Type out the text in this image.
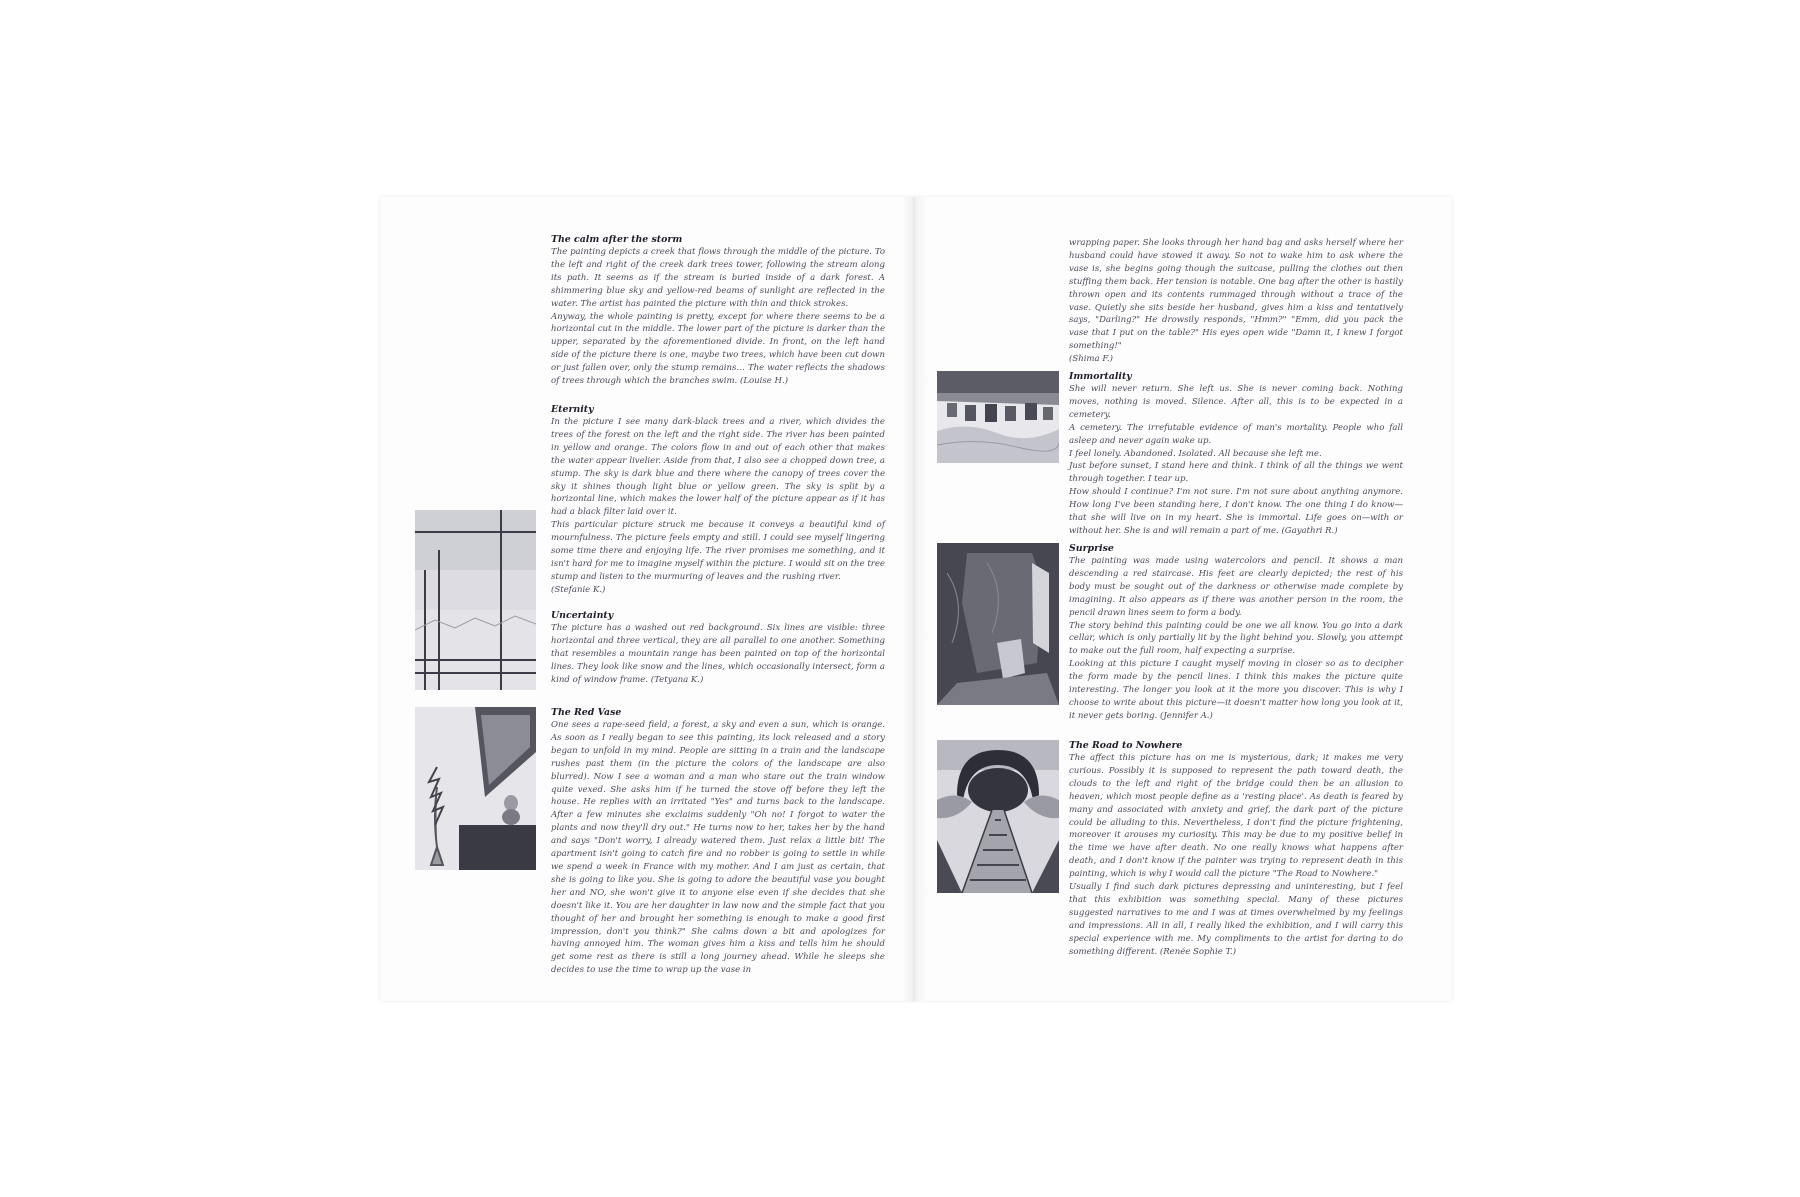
The calm after the storm

The painting depicts a creek that flows through the middle of the picture. To the left and right of the creek dark trees tower, following the stream along its path. It seems as if the stream is buried inside of a dark forest. A shimmering blue sky and yellow-red beams of sunlight are reflected in the water. The artist has painted the picture with thin and thick strokes.
Anyway, the whole painting is pretty, except for where there seems to be a horizontal cut in the middle. The lower part of the picture is darker than the upper, separated by the aforementioned divide. In front, on the left hand side of the picture there is one, maybe two trees, which have been cut down or just fallen over, only the stump remains… The water reflects the shadows of trees through which the branches swim. (Louise H.)

Eternity

In the picture I see many dark-black trees and a river, which divides the trees of the forest on the left and the right side. The river has been painted in yellow and orange. The colors flow in and out of each other that makes the water appear livelier. Aside from that, I also see a chopped down tree, a stump. The sky is dark blue and there where the canopy of trees cover the sky it shines though light blue or yellow green. The sky is split by a horizontal line, which makes the lower half of the picture appear as if it has had a black filter laid over it.
This particular picture struck me because it conveys a beautiful kind of mournfulness. The picture feels empty and still. I could see myself lingering some time there and enjoying life. The river promises me something, and it isn't hard for me to imagine myself within the picture. I would sit on the tree stump and listen to the murmuring of leaves and the rushing river.
(Stefanie K.)

Uncertainty

The picture has a washed out red background. Six lines are visible: three horizontal and three vertical, they are all parallel to one another. Something that resembles a mountain range has been painted on top of the horizontal lines. They look like snow and the lines, which occasionally intersect, form a kind of window frame. (Tetyana K.)

The Red Vase

One sees a rape-seed field, a forest, a sky and even a sun, which is orange. As soon as I really began to see this painting, its lock released and a story began to unfold in my mind. People are sitting in a train and the landscape rushes past them (in the picture the colors of the landscape are also blurred). Now I see a woman and a man who stare out the train window quite vexed. She asks him if he turned the stove off before they left the house. He replies with an irritated "Yes" and turns back to the landscape. After a few minutes she exclaims suddenly "Oh no! I forgot to water the plants and now they'll dry out." He turns now to her, takes her by the hand and says "Don't worry, I already watered them. Just relax a little bit! The apartment isn't going to catch fire and no robber is going to settle in while we spend a week in France with my mother. And I am just as certain, that she is going to like you. She is going to adore the beautiful vase you bought her and NO, she won't give it to anyone else even if she decides that she doesn't like it. You are her daughter in law now and the simple fact that you thought of her and brought her something is enough to make a good first impression, don't you think?" She calms down a bit and apologizes for having annoyed him. The woman gives him a kiss and tells him he should get some rest as there is still a long journey ahead. While he sleeps she decides to use the time to wrap up the vase in

wrapping paper. She looks through her hand bag and asks herself where her husband could have stowed it away. So not to wake him to ask where the vase is, she begins going though the suitcase, pulling the clothes out then stuffing them back. Her tension is notable. One bag after the other is hastily thrown open and its contents rummaged through without a trace of the vase. Quietly she sits beside her husband, gives him a kiss and tentatively says, "Darling?" He drowsily responds, "Hmm?" "Emm, did you pack the vase that I put on the table?" His eyes open wide "Damn it, I knew I forgot something!"
(Shima F.)

Immortality

She will never return. She left us. She is never coming back. Nothing moves, nothing is moved. Silence. After all, this is to be expected in a cemetery.
A cemetery. The irrefutable evidence of man's mortality. People who fall asleep and never again wake up.
I feel lonely. Abandoned. Isolated. All because she left me.
Just before sunset, I stand here and think. I think of all the things we went through together. I tear up.
How should I continue? I'm not sure. I'm not sure about anything anymore. How long I've been standing here, I don't know. The one thing I do know— that she will live on in my heart. She is immortal. Life goes on—with or without her. She is and will remain a part of me. (Gayathri R.)

Surprise

The painting was made using watercolors and pencil. It shows a man descending a red staircase. His feet are clearly depicted; the rest of his body must be sought out of the darkness or otherwise made complete by imagining. It also appears as if there was another person in the room, the pencil drawn lines seem to form a body.
The story behind this painting could be one we all know. You go into a dark cellar, which is only partially lit by the light behind you. Slowly, you attempt to make out the full room, half expecting a surprise.
Looking at this picture I caught myself moving in closer so as to decipher the form made by the pencil lines. I think this makes the picture quite interesting. The longer you look at it the more you discover. This is why I choose to write about this picture—it doesn't matter how long you look at it, it never gets boring. (Jennifer A.)

The Road to Nowhere

The affect this picture has on me is mysterious, dark; it makes me very curious. Possibly it is supposed to represent the path toward death, the clouds to the left and right of the bridge could then be an allusion to heaven, which most people define as a 'resting place'. As death is feared by many and associated with anxiety and grief, the dark part of the picture could be alluding to this. Nevertheless, I don't find the picture frightening, moreover it arouses my curiosity. This may be due to my positive belief in the time we have after death. No one really knows what happens after death, and I don't know if the painter was trying to represent death in this painting, which is why I would call the picture "The Road to Nowhere."
Usually I find such dark pictures depressing and uninteresting, but I feel that this exhibition was something special. Many of these pictures suggested narratives to me and I was at times overwhelmed by my feelings and impressions. All in all, I really liked the exhibition, and I will carry this special experience with me. My compliments to the artist for daring to do something different. (Renée Sophie T.)
